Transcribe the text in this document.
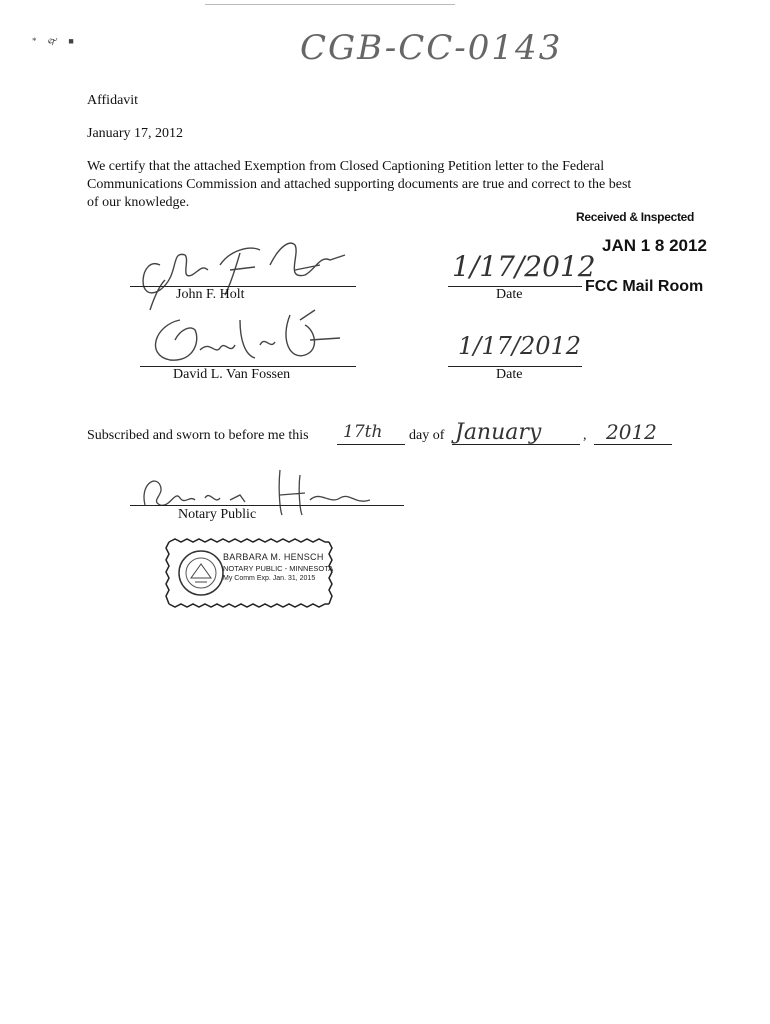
* 🙰 ■	CGB-CC-0143
Affidavit
January 17, 2012
We certify that the attached Exemption from Closed Captioning Petition letter to the Federal
Communications Commission and attached supporting documents are true and correct to the best
of our knowledge.
Received & Inspected
JAN 1 8 2012
FCC Mail Room
John F. Holt
1/17/2012
Date
David L. Van Fossen
1/17/2012
Date
Subscribed and sworn to before me this 17th day of January	, 2012
Notary Public
BARBARA M. HENSCH
NOTARY PUBLIC - MINNESOTA
My Comm Exp. Jan. 31, 2015
